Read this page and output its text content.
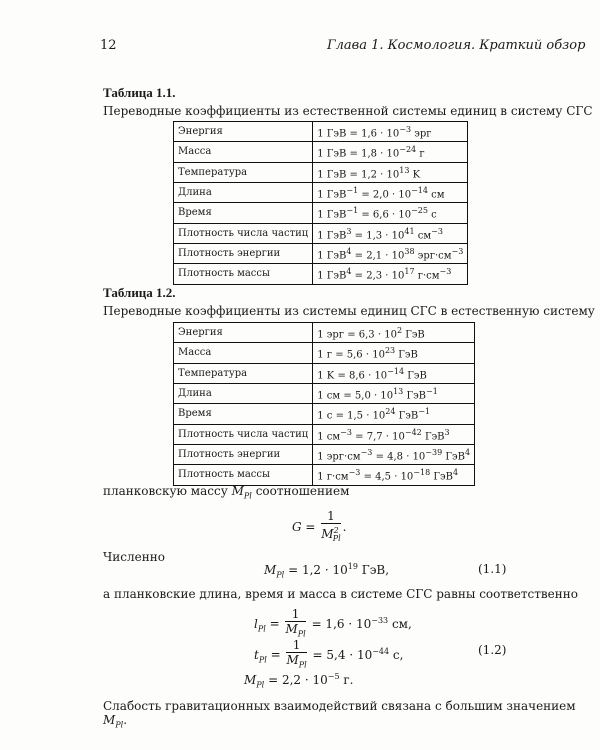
12	Глава 1. Космология. Краткий обзор
Таблица 1.1.
Переводные коэффициенты из естественной системы единиц в систему СГС
Энергия	1 ГэВ = $1,6 \cdot 10^{-3}$ эрг
Масса	1 ГэВ = $1,8 \cdot 10^{-24}$ г
Температура	1 ГэВ = $1,2 \cdot 10^{13}$ K
Длина	1 $ГэВ^{-1} = 2,0 \cdot 10^{-14}$ см
Время	1 $ГэВ^{-1} = 6,6 \cdot 10^{-25}$ с
Плотность числа частиц	1 $ГэВ^3 = 1,3 \cdot 10^{41}$ $см^{-3}$
Плотность энергии	1 $ГэВ^4 = 2,1 \cdot 10^{38}$ $эрг\cdot см^{-3}$
Плотность массы	1 $ГэВ^4 = 2,3 \cdot 10^{17}$ $г\cdot см^{-3}$
Таблица 1.2.
Переводные коэффициенты из системы единиц СГС в естественную систему
Энергия	1 эрг = $6,3 \cdot 10^2$ ГэВ
Масса	1 $г = 5,6 \cdot 10^{23}$ ГэВ
Температура	1 $K = 8,6 \cdot 10^{-14}$ ГэВ
Длина	1 см = $5,0 \cdot 10^{13}$ ГэВ$^{-1}$
Время	1 $с = 1,5 \cdot 10^{24}$ ГэВ$^{-1}$
Плотность числа частиц	1 $см^{-3} = 7,7 \cdot 10^{-42}$ ГэВ$^3$
Плотность энергии	1 $эрг\cdot см^{-3} = 4,8 \cdot 10^{-39}$ ГэВ$^4$
Плотность массы	1 $г\cdot см^{-3} = 4,5 \cdot 10^{-18}$ ГэВ$^4$
планковскую массу $M_{Pl}$ соотношением
$G = \frac{1}{M^2_{Pl}}$ .
Численно
$M_{Pl} = 1,2 \cdot 10^{19}$ ГэВ,	(1.1)
а планковские длина, время и масса в системе СГС равны соответственно
$l_{Pl} = \frac{1}{M_{Pl}} = 1,6 \cdot 10^{-33}$ см,
$t_{Pl} = \frac{1}{M_{Pl}} = 5,4 \cdot 10^{-44}$ с,	(1.2)
$M_{Pl} = 2,2 \cdot 10^{-5}$ г.
Слабость гравитационных взаимодействий связана с большим значением $M_{Pl}$.
